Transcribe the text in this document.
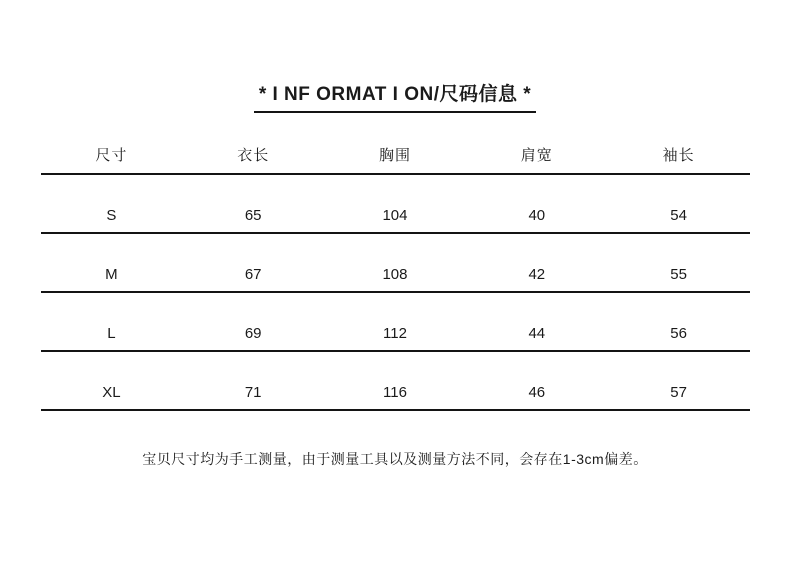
* I NF ORMAT I ON/尺码信息 *
尺寸	衣长	胸围	肩宽	袖长
S	65	104	40	54
M	67	108	42	55
L	69	112	44	56
XL	71	116	46	57

宝贝尺寸均为手工测量，由于测量工具以及测量方法不同，会存在1-3cm偏差。
